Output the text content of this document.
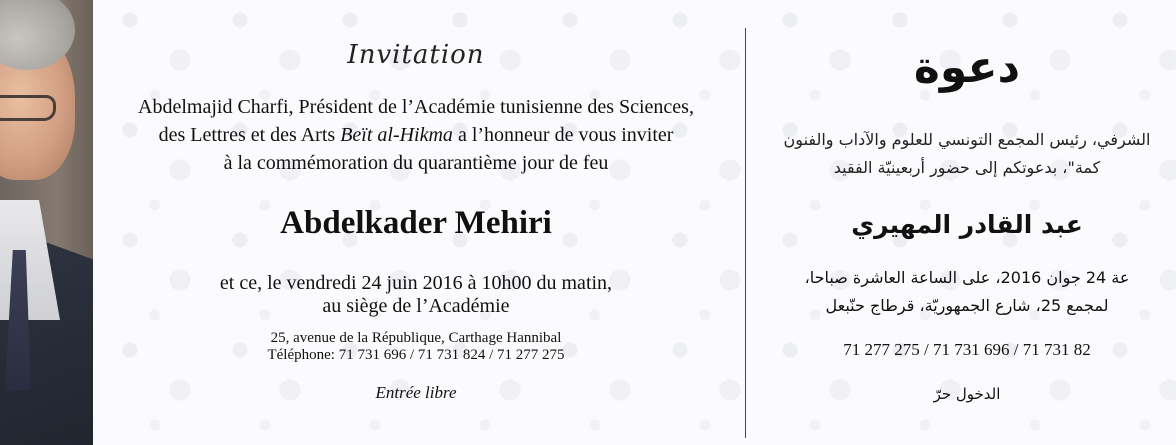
Invitation
Abdelmajid Charfi, Président de l’Académie tunisienne des Sciences,
des Lettres et des Arts Beït al-Hikma a l’honneur de vous inviter
à la commémoration du quarantième jour de feu
Abdelkader Mehiri
et ce, le vendredi 24 juin 2016 à 10h00 du matin,
au siège de l’Académie
25, avenue de la République, Carthage Hannibal
Téléphone: 71 731 696 / 71 731 824 / 71 277 275
Entrée libre
دعوة
الشرفي، رئيس المجمع التونسي للعلوم والآداب والفنون
كمة"، بدعوتكم إلى حضور أربعينيّة الفقيد
عبد القادر المهيري
عة 24 جوان 2016، على الساعة العاشرة صباحا،
لمجمع 25، شارع الجمهوريّة، قرطاج حنّبعل
71 277 275 / 71 731 696 / 71 731 82
الدخول حرّ
